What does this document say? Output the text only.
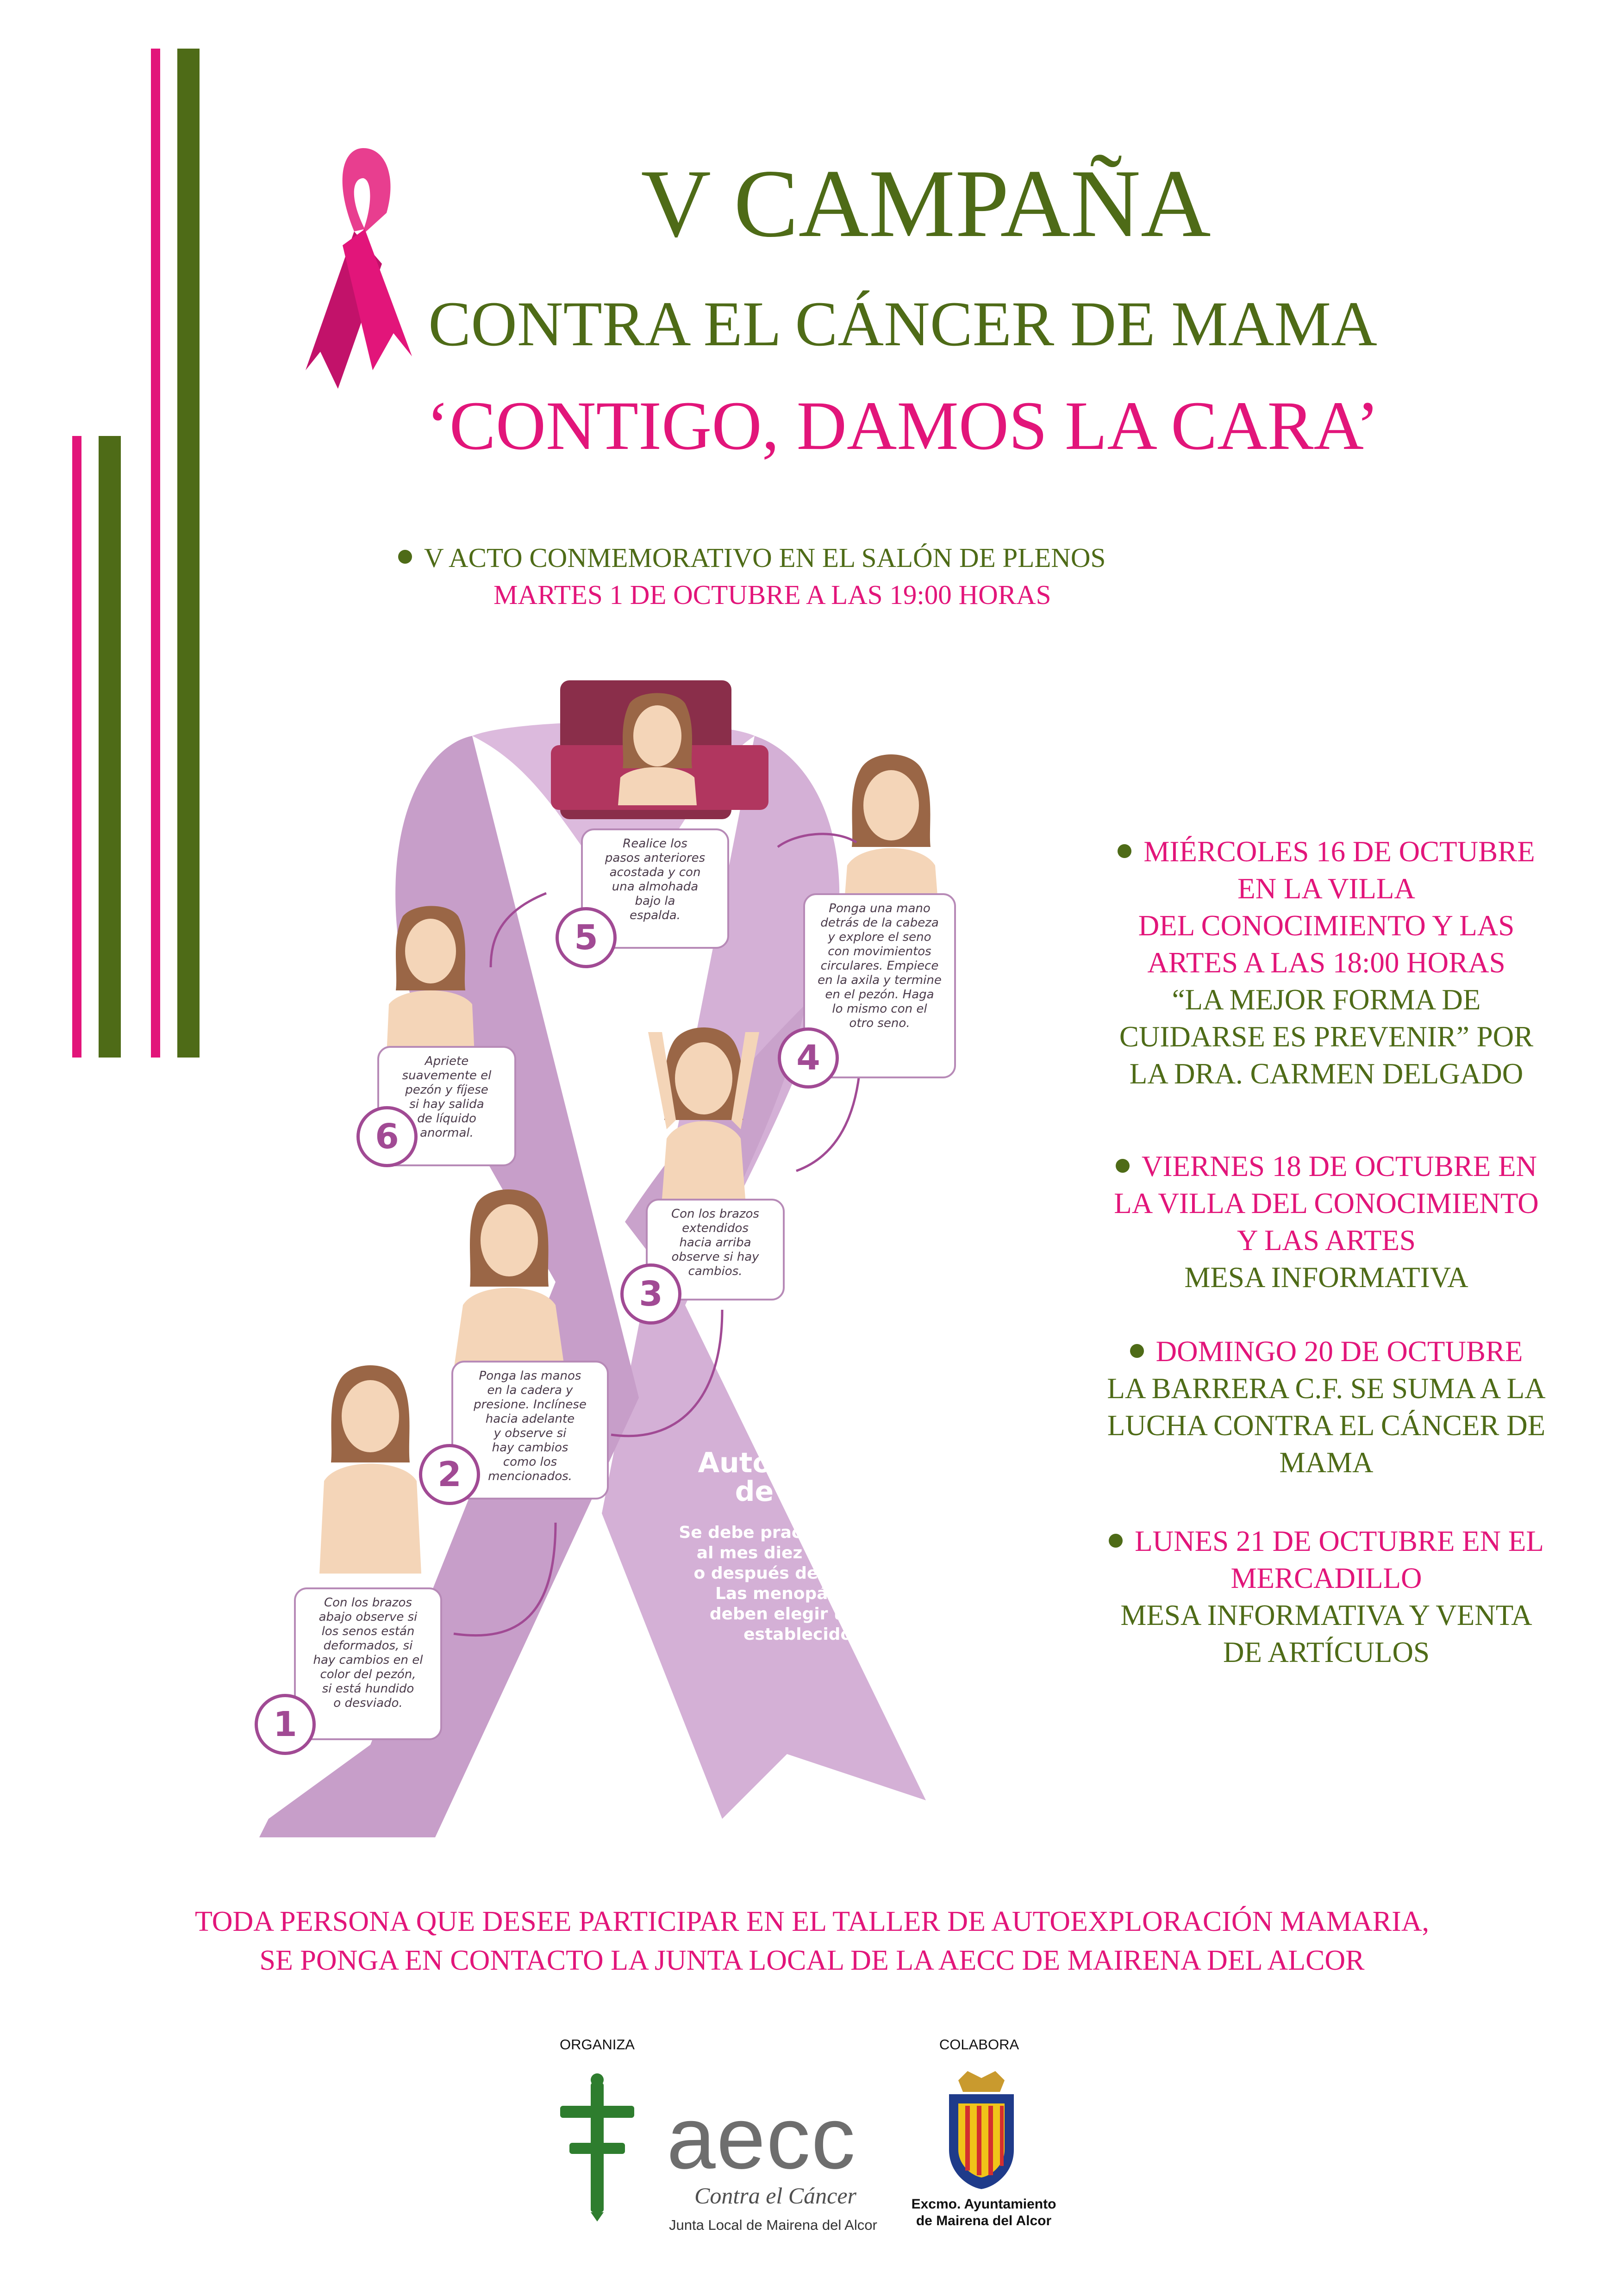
V CAMPAÑA
CONTRA EL CÁNCER DE MAMA
‘CONTIGO, DAMOS LA CARA’
V ACTO CONMEMORATIVO EN EL SALÓN DE PLENOS
MARTES 1 DE OCTUBRE A LAS 19:00 HORAS
Con los brazos
abajo observe si
los senos están
deformados, si
hay cambios en el
color del pezón,
si está hundido
o desviado.
1
Ponga las manos
en la cadera y
presione. Inclínese
hacia adelante
y observe si
hay cambios
como los
mencionados.
2
Con los brazos
extendidos
hacia arriba
observe si hay
cambios.
3
Ponga una mano
detrás de la cabeza
y explore el seno
con movimientos
circulares. Empiece
en la axila y termine
en el pezón. Haga
lo mismo con el
otro seno.
4
Realice los
pasos anteriores
acostada y con
una almohada
bajo la
espalda.
5
Apriete
suavemente el
pezón y fíjese
si hay salida
de líquido
anormal.
6
Autoexámen
de seno
Se debe practicar una vez
al mes diez días antes
o después del periodo.
Las menopáusicas
deben elegir un día
establecido.
MIÉRCOLES 16 DE OCTUBRE
EN LA VILLA
DEL CONOCIMIENTO Y LAS
ARTES A LAS 18:00 HORAS
“LA MEJOR FORMA DE
CUIDARSE ES PREVENIR” POR
LA DRA. CARMEN DELGADO
VIERNES 18 DE OCTUBRE EN
LA VILLA DEL CONOCIMIENTO
Y LAS ARTES
MESA INFORMATIVA
DOMINGO 20 DE OCTUBRE
LA BARRERA C.F. SE SUMA A LA
LUCHA CONTRA EL CÁNCER DE
MAMA
LUNES 21 DE OCTUBRE EN EL
MERCADILLO
MESA INFORMATIVA Y VENTA
DE ARTÍCULOS
TODA PERSONA QUE DESEE PARTICIPAR EN EL TALLER DE AUTOEXPLORACIÓN MAMARIA,
SE PONGA EN CONTACTO LA JUNTA LOCAL DE LA AECC DE MAIRENA DEL ALCOR
ORGANIZA	COLABORA
aecc
Contra el Cáncer
Junta Local de Mairena del Alcor
Excmo. Ayuntamiento
de Mairena del Alcor
